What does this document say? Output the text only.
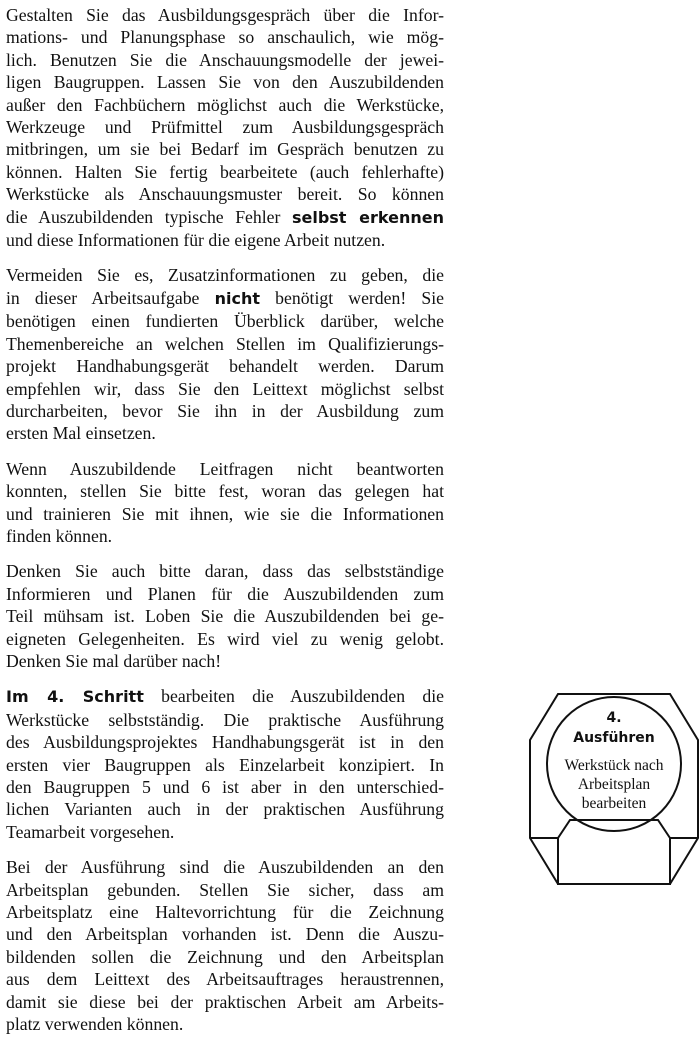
Gestalten Sie das Ausbildungsgespräch über die Infor-
mations- und Planungsphase so anschaulich, wie mög-
lich. Benutzen Sie die Anschauungsmodelle der jewei-
ligen Baugruppen. Lassen Sie von den Auszubildenden
außer den Fachbüchern möglichst auch die Werkstücke,
Werkzeuge und Prüfmittel zum Ausbildungsgespräch
mitbringen, um sie bei Bedarf im Gespräch benutzen zu
können. Halten Sie fertig bearbeitete (auch fehlerhafte)
Werkstücke als Anschauungsmuster bereit. So können
die Auszubildenden typische Fehler selbst erkennen
und diese Informationen für die eigene Arbeit nutzen.
Vermeiden Sie es, Zusatzinformationen zu geben, die
in dieser Arbeitsaufgabe nicht benötigt werden! Sie
benötigen einen fundierten Überblick darüber, welche
Themenbereiche an welchen Stellen im Qualifizierungs-
projekt Handhabungsgerät behandelt werden. Darum
empfehlen wir, dass Sie den Leittext möglichst selbst
durcharbeiten, bevor Sie ihn in der Ausbildung zum
ersten Mal einsetzen.
Wenn Auszubildende Leitfragen nicht beantworten
konnten, stellen Sie bitte fest, woran das gelegen hat
und trainieren Sie mit ihnen, wie sie die Informationen
finden können.
Denken Sie auch bitte daran, dass das selbstständige
Informieren und Planen für die Auszubildenden zum
Teil mühsam ist. Loben Sie die Auszubildenden bei ge-
eigneten Gelegenheiten. Es wird viel zu wenig gelobt.
Denken Sie mal darüber nach!
Im 4. Schritt bearbeiten die Auszubildenden die
Werkstücke selbstständig. Die praktische Ausführung
des Ausbildungsprojektes Handhabungsgerät ist in den
ersten vier Baugruppen als Einzelarbeit konzipiert. In
den Baugruppen 5 und 6 ist aber in den unterschied-
lichen Varianten auch in der praktischen Ausführung
Teamarbeit vorgesehen.
Bei der Ausführung sind die Auszubildenden an den
Arbeitsplan gebunden. Stellen Sie sicher, dass am
Arbeitsplatz eine Haltevorrichtung für die Zeichnung
und den Arbeitsplan vorhanden ist. Denn die Auszu-
bildenden sollen die Zeichnung und den Arbeitsplan
aus dem Leittext des Arbeitsauftrages heraustrennen,
damit sie diese bei der praktischen Arbeit am Arbeits-
platz verwenden können.
4.
Ausführen
Werkstück nach
Arbeitsplan
bearbeiten
